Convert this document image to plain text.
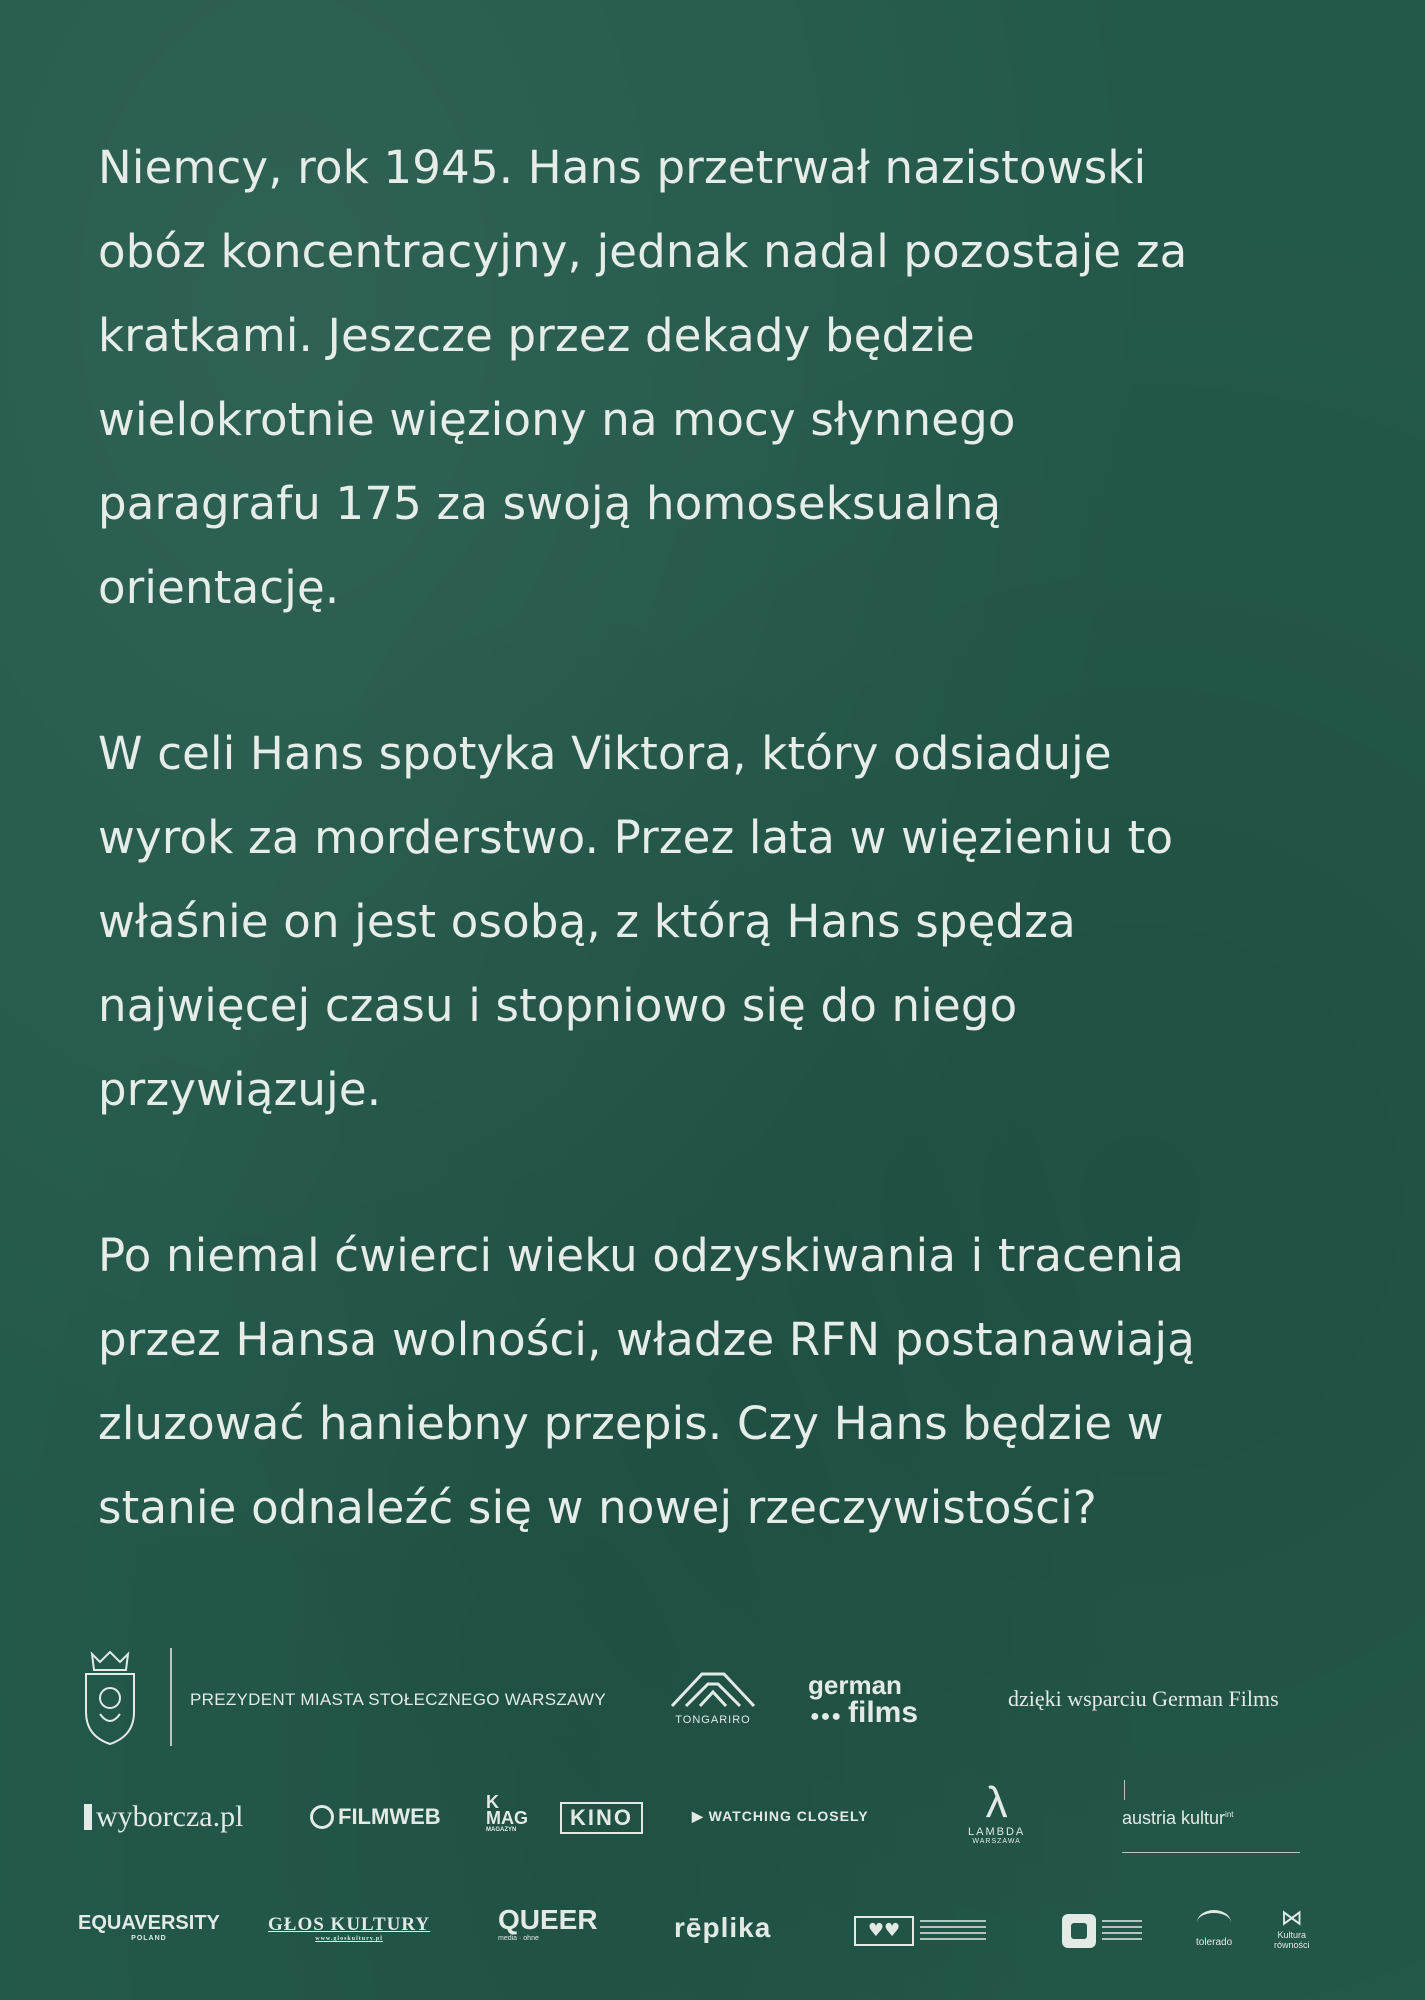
Niemcy, rok 1945. Hans przetrwał nazistowski
obóz koncentracyjny, jednak nadal pozostaje za
kratkami. Jeszcze przez dekady będzie
wielokrotnie więziony na mocy słynnego
paragrafu 175 za swoją homoseksualną
orientację.

W celi Hans spotyka Viktora, który odsiaduje
wyrok za morderstwo. Przez lata w więzieniu to
właśnie on jest osobą, z którą Hans spędza
najwięcej czasu i stopniowo się do niego
przywiązuje.

Po niemal ćwierci wieku odzyskiwania i tracenia
przez Hansa wolności, władze RFN postanawiają
zluzować haniebny przepis. Czy Hans będzie w
stanie odnaleźć się w nowej rzeczywistości?

PREZYDENT MIASTA STOŁECZNEGO WARSZAWY
TONGARIRO
german
●●● films	dzięki wsparciu German Films
wyborcza.pl	FILMWEB
K
MAG
MAGAZYN	KINO	▶ WATCHING CLOSELY	λ
LAMBDA
WARSZAWA
austria kultur$^{int}$
EQUAVERSITY
POLAND
GŁOS KULTURY
www.gloskultury.pl
QUEER
media · ohne	rēplika	♥♥
tolerado
⋈
Kultura
równości
